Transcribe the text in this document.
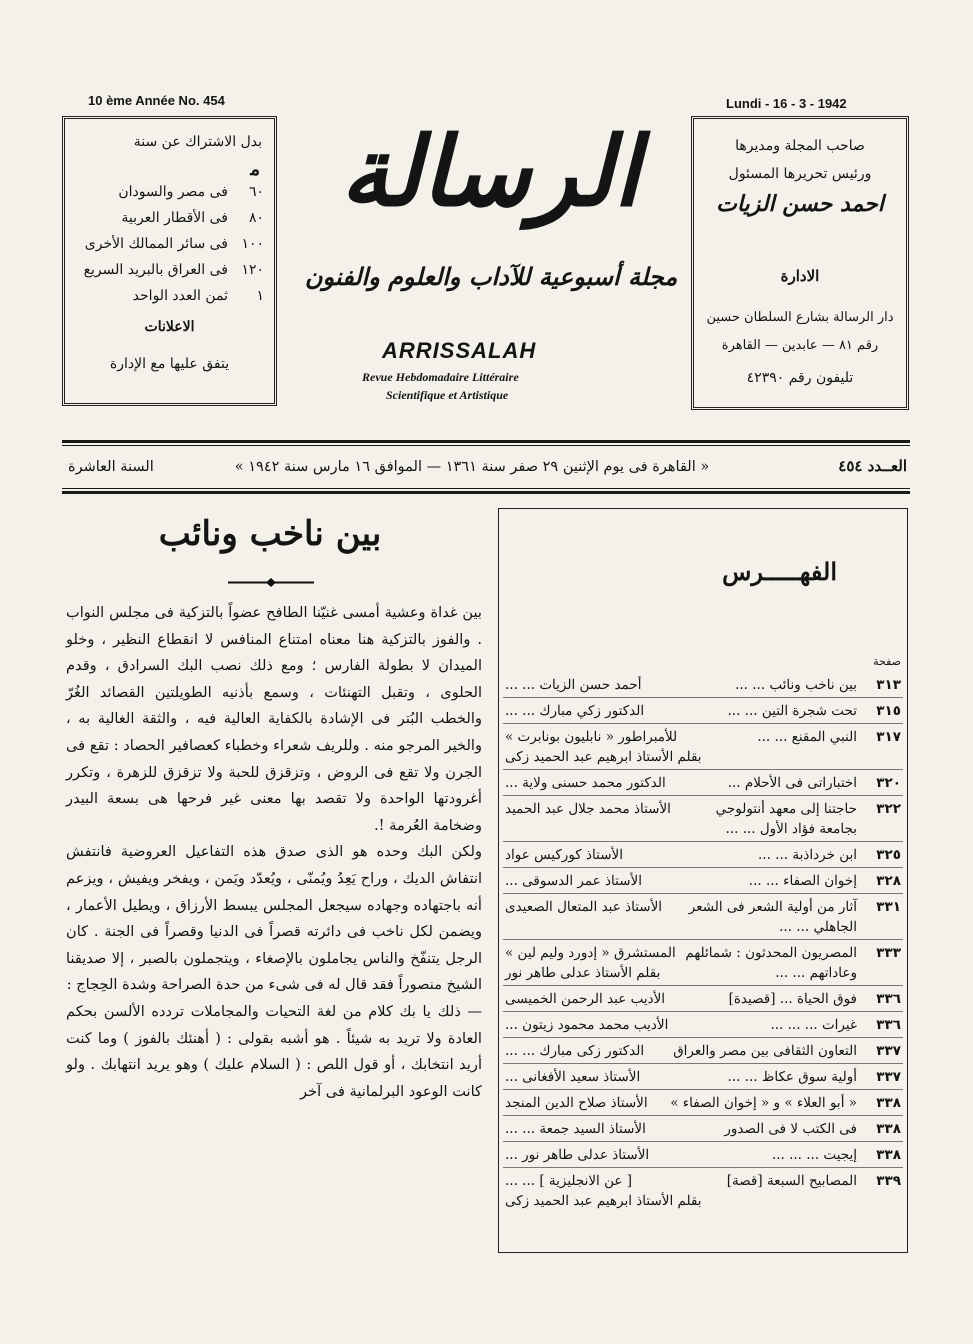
10 ème Année No. 454	Lundi - 16 - 3 - 1942
بدل الاشتراك عن سنة
ﻣ
٦٠
فى مصر والسودان
٨٠
فى الأقطار العربية
١٠٠
فى سائر الممالك الأخرى
١٢٠
فى العراق بالبريد السريع
١
ثمن العدد الواحد
الاعلانات
يتفق عليها مع الإدارة
الرسالة
مجلة أسبوعية للآداب والعلوم والفنون
ARRISSALAH
Revue Hebdomadaire Littéraire
Scientifique et Artistique
صاحب المجلة ومديرها
ورئيس تحريرها المسئول
احمد حسن الزيات
الادارة
دار الرسالة بشارع السلطان حسين
رقم ٨١ — عابدين — القاهرة
تليفون رقم ٤٢٣٩٠
العــدد ٤٥٤
« القاهرة فى يوم الإثنين ٢٩ صفر سنة ١٣٦١ — الموافق ١٦ مارس سنة ١٩٤٢ »
السنة العاشرة
الفهـــــرس
صفحة
٣١٣
بين ناخب ونائب ... ...
أحمد حسن الزيات ... ...
٣١٥
تحت شجرة التين ... ...
الدكتور زكي مبارك ... ...
٣١٧
النبي المقنع ... ...
للأمبراطور « نابليون بونابرت »
بقلم الأستاذ ابرهيم عبد الحميد زكى
٣٢٠
اختباراتى فى الأحلام ...
الدكتور محمد حسنى ولاية ...
٣٢٢
حاجتنا إلى معهد أنتولوجي
بجامعة فؤاد الأول ... ...
الأستاذ محمد جلال عبد الحميد
٣٢٥
ابن خرداذبة ... ...
الأستاذ كوركيس عواد
٣٢٨
إخوان الصفاء ... ...
الأستاذ عمر الدسوقى ...
٣٣١
آثار من أولية الشعر فى الشعر
الجاهلي ... ...
الأستاذ عبد المتعال الصعيدى
٣٣٣
المصريون المحدثون : شمائلهم
وعاداتهم ... ...
المستشرق « إدورد وليم لين »
بقلم الأستاذ عدلى طاهر نور
٣٣٦
فوق الحياة ... [قصيدة]
الأديب عبد الرحمن الخميسى
٣٣٦
غيرات ... ... ...
الأديب محمد محمود زيتون ...
٣٣٧
التعاون الثقافى بين مصر والعراق
الدكتور زكى مبارك ... ...
٣٣٧
أولية سوق عكاظ ... ...
الأستاذ سعيد الأفغانى ...
٣٣٨
« أبو العلاء » و « إخوان الصفاء »
الأستاذ صلاح الدين المنجد
٣٣٨
فى الكتب لا فى الصدور
الأستاذ السيد جمعة ... ...
٣٣٨
إيجيت ... ... ...
الأستاذ عدلى طاهر نور ...
٣٣٩
المصابيح السبعة [قصة]
[ عن الانجليزية ] ... ...
بقلم الأستاذ ابرهيم عبد الحميد زكى
بين ناخب ونائب

بين غداة وعشية أمسى غنيّنا الطافح عضواً بالتزكية فى مجلس النواب . والفوز بالتزكية هنا معناه امتناع المنافس لا انقطاع النظير ، وخلو الميدان لا بطولة الفارس ؛ ومع ذلك نصب البك السرادق ، وقدم الحلوى ، وتقبل التهنئات ، وسمع بأذنيه الطويلتين القصائد الغُرّ والخطب البُتر فى الإشادة بالكفاية العالية فيه ، والثقة الغالية به ، والخير المرجو منه . وللريف شعراء وخطباء كعصافير الحصاد : تقع فى الجرن ولا تقع فى الروض ، وتزقزق للحبة ولا تزقزق للزهرة ، وتكرر أغرودتها الواحدة ولا تقصد بها معنى غير فرحها هى بسعة البيدر وضخامة العُرمة !.

ولكن البك وحده هو الذى صدق هذه التفاعيل العروضية فانتفش انتفاش الديك ، وراح يَعِدُ ويُمنّى ، ويُعدّد ويَمن ، ويفخر ويفيش ، ويزعم أنه باجتهاده وجهاده سيجعل المجلس يبسط الأرزاق ، ويطيل الأعمار ، ويضمن لكل ناخب فى دائرته قصراً فى الدنيا وقصراً فى الجنة . كان الرجل يتنفّخ والناس يجاملون بالإصغاء ، ويتجملون بالصبر ، إلا صديقنا الشيخ منصوراً فقد قال له فى شىء من حدة الصراحة وشدة الحِجاج :

— ذلك يا بك كلام من لغة التحيات والمجاملات تردده الألسن بحكم العادة ولا تريد به شيئاً . هو أشبه بقولى : ( أهنئك بالفوز ) وما كنت أريد انتخابك ، أو قول اللص : ( السلام عليك ) وهو يريد انتهابك . ولو كانت الوعود البرلمانية فى آخر
